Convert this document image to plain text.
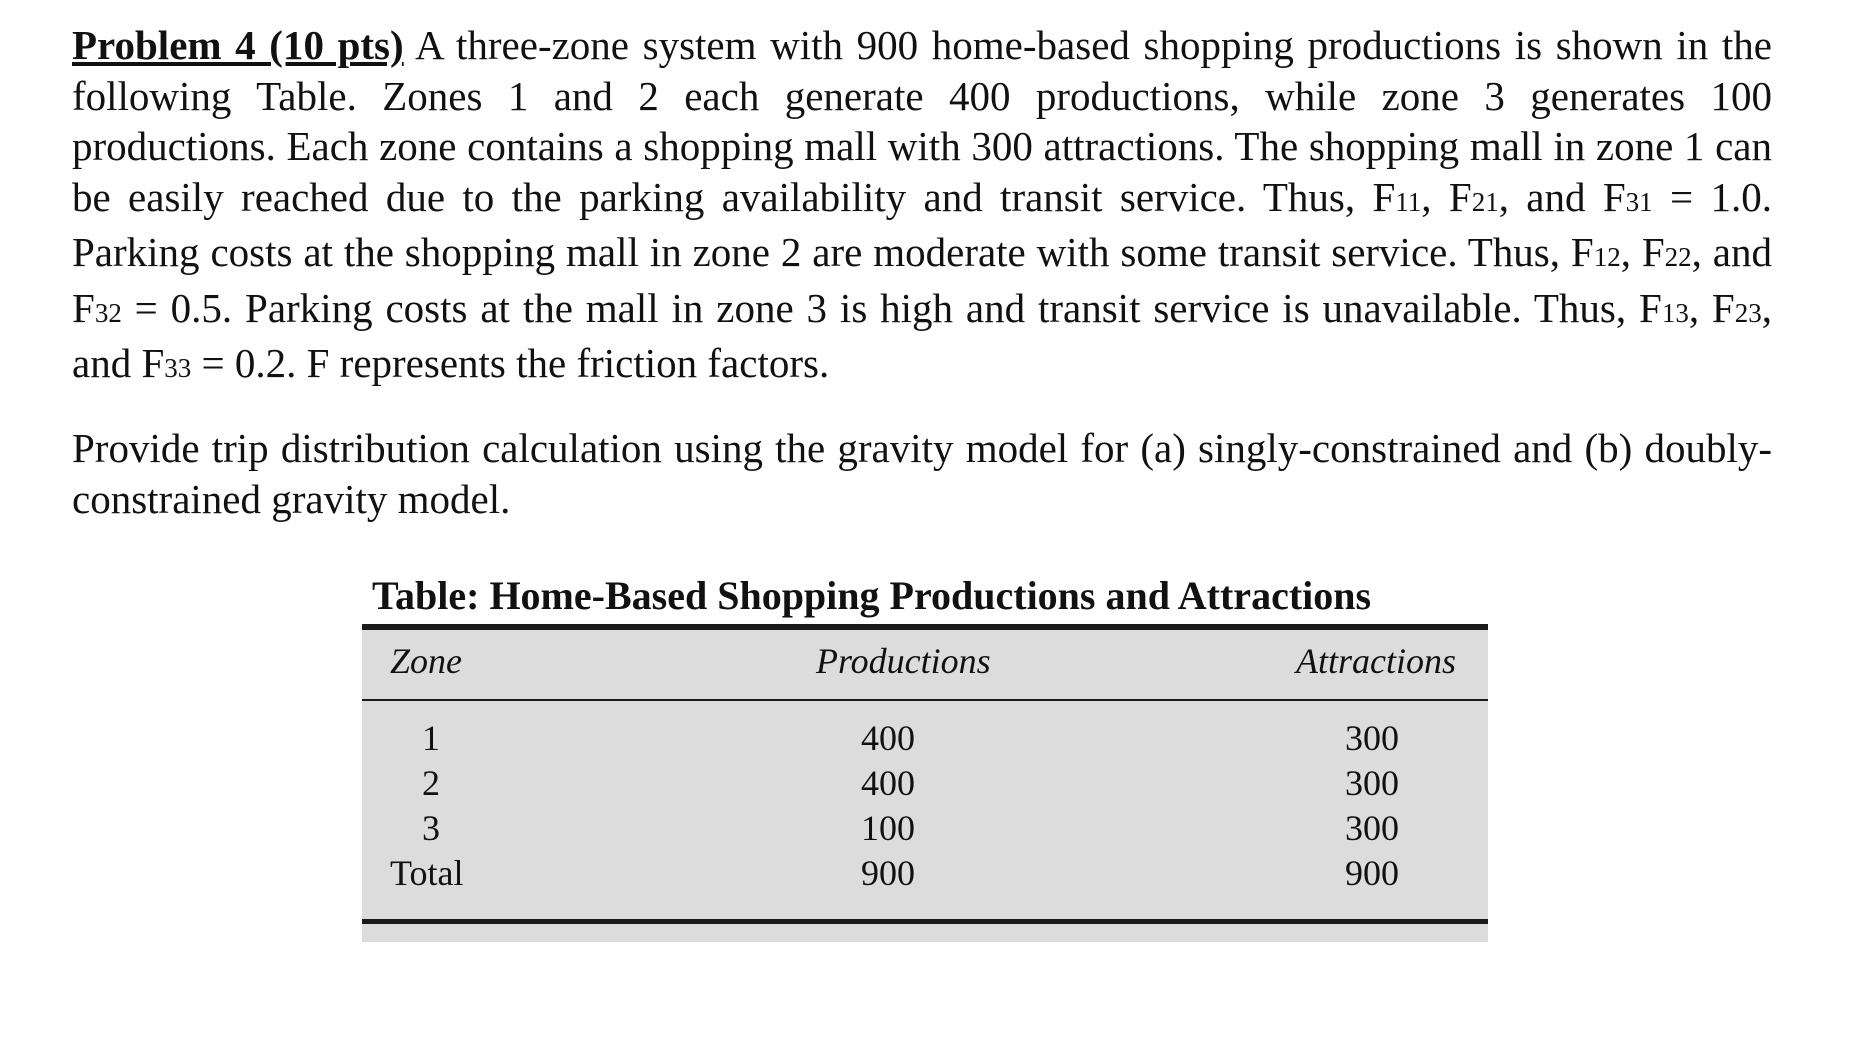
Problem 4 (10 pts) A three-zone system with 900 home-based shopping productions is shown in the following Table. Zones 1 and 2 each generate 400 productions, while zone 3 generates 100 productions. Each zone contains a shopping mall with 300 attractions. The shopping mall in zone 1 can be easily reached due to the parking availability and transit service. Thus, F11, F21, and F31 = 1.0. Parking costs at the shopping mall in zone 2 are moderate with some transit service. Thus, F12, F22, and F32 = 0.5. Parking costs at the mall in zone 3 is high and transit service is unavailable. Thus, F13, F23, and F33 = 0.2. F represents the friction factors.
Provide trip distribution calculation using the gravity model for (a) singly-constrained and (b) doubly-constrained gravity model.
Table: Home-Based Shopping Productions and Attractions
Zone	Productions	Attractions
1
2
3
Total
400
400
100
900
300
300
300
900
